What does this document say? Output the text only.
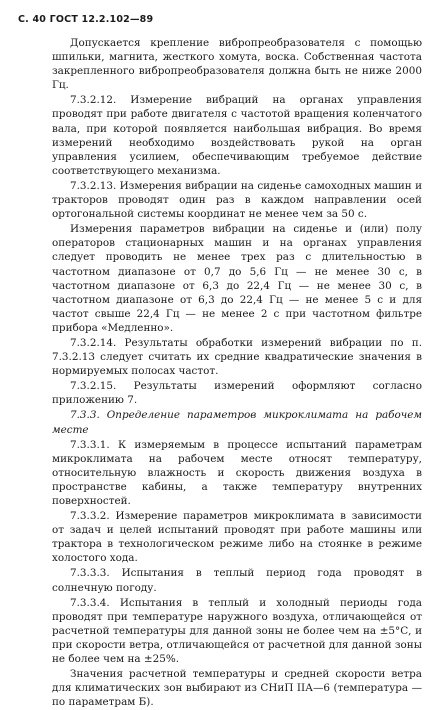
С. 40 ГОСТ 12.2.102—89

Допускается крепление вибропреобразователя с помощью шпильки, магнита, жесткого хомута, воска. Собственная частота закрепленного вибропреобразователя должна быть не ниже 2000 Гц.

7.3.2.12. Измерение вибраций на органах управления проводят при работе двигателя с частотой вращения коленчатого вала, при которой появляется наибольшая вибрация. Во время измерений необходимо воздействовать рукой на орган управления усилием, обеспечивающим требуемое действие соответствующего механизма.

7.3.2.13. Измерения вибрации на сиденье самоходных машин и тракторов проводят один раз в каждом направлении осей ортогональной системы координат не менее чем за 50 с.

Измерения параметров вибрации на сиденье и (или) полу операторов стационарных машин и на органах управления следует проводить не менее трех раз с длительностью в частотном диапазоне от 0,7 до 5,6 Гц — не менее 30 с, в частотном диапазоне от 6,3 до 22,4 Гц — не менее 30 с, в частотном диапазоне от 6,3 до 22,4 Гц — не менее 5 с и для частот свыше 22,4 Гц — не менее 2 с при частотном фильтре прибора «Медленно».

7.3.2.14. Результаты обработки измерений вибрации по п. 7.3.2.13 следует считать их средние квадратические значения в нормируемых полосах частот.

7.3.2.15. Результаты измерений оформляют согласно приложению 7.

7.3.3. Определение параметров микроклимата на рабочем месте

7.3.3.1. К измеряемым в процессе испытаний параметрам микроклимата на рабочем месте относят температуру, относительную влажность и скорость движения воздуха в пространстве кабины, а также температуру внутренних поверхностей.

7.3.3.2. Измерение параметров микроклимата в зависимости от задач и целей испытаний проводят при работе машины или трактора в технологическом режиме либо на стоянке в режиме холостого хода.

7.3.3.3. Испытания в теплый период года проводят в солнечную погоду.

7.3.3.4. Испытания в теплый и холодный периоды года проводят при температуре наружного воздуха, отличающейся от расчетной температуры для данной зоны не более чем на ±5°С, и при скорости ветра, отличающейся от расчетной для данной зоны не более чем на ±25%.

Значения расчетной температуры и средней скорости ветра для климатических зон выбирают из СНиП IIА—6 (температура — по параметрам Б).
